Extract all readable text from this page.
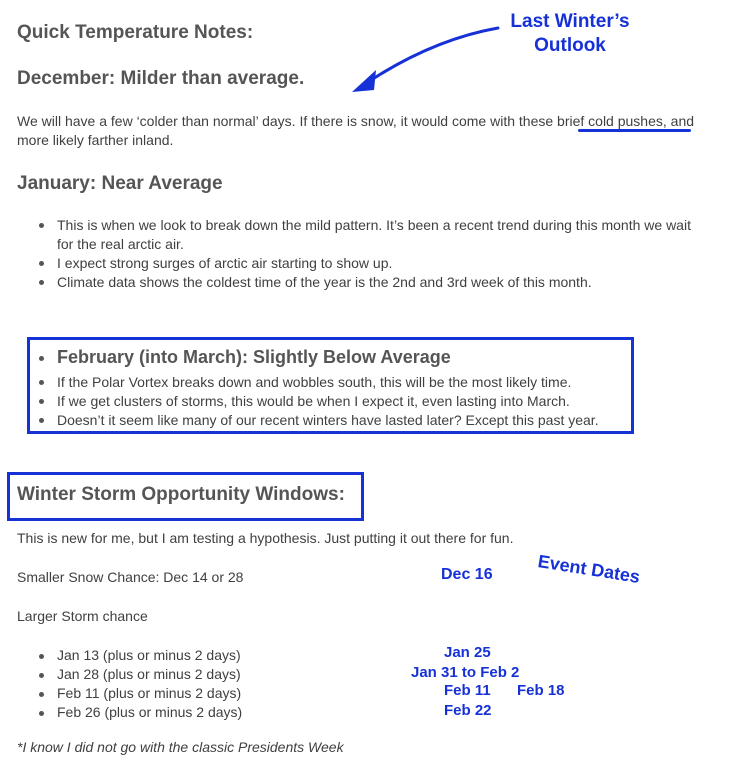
Quick Temperature Notes:
Last Winter’s
Outlook
December: Milder than average.
We will have a few ‘colder than normal’ days. If there is snow, it would come with these brief cold pushes, and
more likely farther inland.
January: Near Average
This is when we look to break down the mild pattern. It’s been a recent trend during this month we wait
for the real arctic air.
I expect strong surges of arctic air starting to show up.
Climate data shows the coldest time of the year is the 2nd and 3rd week of this month.
February (into March): Slightly Below Average
If the Polar Vortex breaks down and wobbles south, this will be the most likely time.
If we get clusters of storms, this would be when I expect it, even lasting into March.
Doesn’t it seem like many of our recent winters have lasted later? Except this past year.
Winter Storm Opportunity Windows:
This is new for me, but I am testing a hypothesis. Just putting it out there for fun.
Smaller Snow Chance: Dec 14 or 28
Larger Storm chance
Jan 13 (plus or minus 2 days)
Jan 28 (plus or minus 2 days)
Feb 11 (plus or minus 2 days)
Feb 26 (plus or minus 2 days)
*I know I did not go with the classic Presidents Week
Event Dates
Dec 16
Jan 25
Jan 31 to Feb 2
Feb 11 Feb 18
Feb 22
